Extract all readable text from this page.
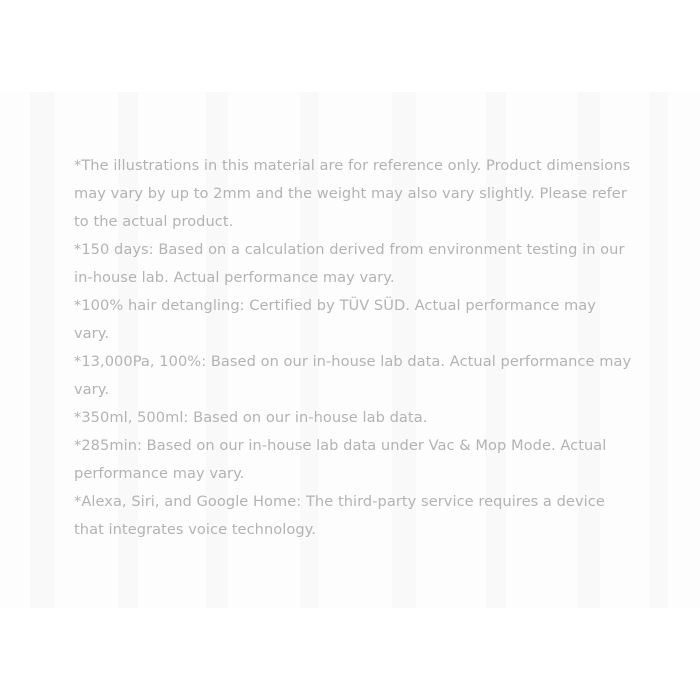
*The illustrations in this material are for reference only. Product dimensions may vary by up to 2mm and the weight may also vary slightly. Please refer to the actual product.
*150 days: Based on a calculation derived from environment testing in our in-house lab. Actual performance may vary.
*100% hair detangling: Certified by TÜV SÜD. Actual performance may vary.
*13,000Pa, 100%: Based on our in-house lab data. Actual performance may vary.
*350ml, 500ml: Based on our in-house lab data.
*285min: Based on our in-house lab data under Vac & Mop Mode. Actual performance may vary.
*Alexa, Siri, and Google Home: The third-party service requires a device that integrates voice technology.
